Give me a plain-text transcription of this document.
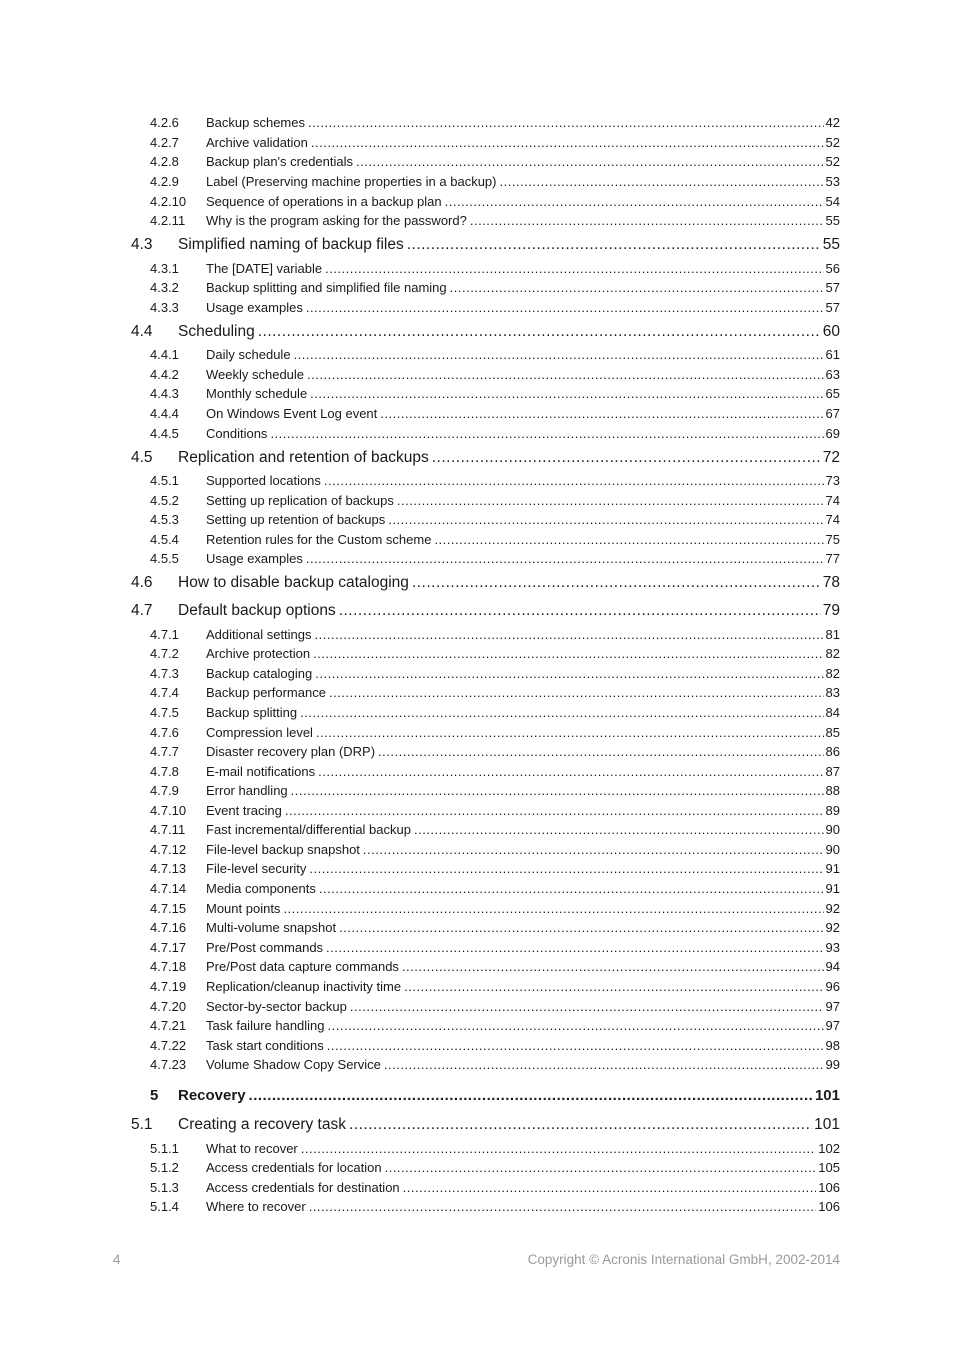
4.2.6 Backup schemes .....	42
4.2.7 Archive validation .....	52
4.2.8 Backup plan's credentials .....	52
4.2.9 Label (Preserving machine properties in a backup) .....	53
4.2.10 Sequence of operations in a backup plan .....	54
4.2.11 Why is the program asking for the password? .....	55
4.3 Simplified naming of backup files .....	55
4.3.1 The [DATE] variable .....	56
4.3.2 Backup splitting and simplified file naming .....	57
4.3.3 Usage examples .....	57
4.4 Scheduling .....	60
4.4.1 Daily schedule .....	61
4.4.2 Weekly schedule .....	63
4.4.3 Monthly schedule .....	65
4.4.4 On Windows Event Log event .....	67
4.4.5 Conditions .....	69
4.5 Replication and retention of backups .....	72
4.5.1 Supported locations .....	73
4.5.2 Setting up replication of backups .....	74
4.5.3 Setting up retention of backups .....	74
4.5.4 Retention rules for the Custom scheme .....	75
4.5.5 Usage examples .....	77
4.6 How to disable backup cataloging .....	78
4.7 Default backup options .....	79
4.7.1 Additional settings .....	81
4.7.2 Archive protection .....	82
4.7.3 Backup cataloging .....	82
4.7.4 Backup performance .....	83
4.7.5 Backup splitting .....	84
4.7.6 Compression level .....	85
4.7.7 Disaster recovery plan (DRP) .....	86
4.7.8 E-mail notifications .....	87
4.7.9 Error handling .....	88
4.7.10 Event tracing .....	89
4.7.11 Fast incremental/differential backup .....	90
4.7.12 File-level backup snapshot .....	90
4.7.13 File-level security .....	91
4.7.14 Media components .....	91
4.7.15 Mount points .....	92
4.7.16 Multi-volume snapshot .....	92
4.7.17 Pre/Post commands .....	93
4.7.18 Pre/Post data capture commands .....	94
4.7.19 Replication/cleanup inactivity time .....	96
4.7.20 Sector-by-sector backup .....	97
4.7.21 Task failure handling .....	97
4.7.22 Task start conditions .....	98
4.7.23 Volume Shadow Copy Service .....	99
5 Recovery .....	101
5.1 Creating a recovery task .....	101
5.1.1 What to recover .....	102
5.1.2 Access credentials for location .....	105
5.1.3 Access credentials for destination .....	106
5.1.4 Where to recover .....	106
4	Copyright © Acronis International GmbH, 2002-2014
